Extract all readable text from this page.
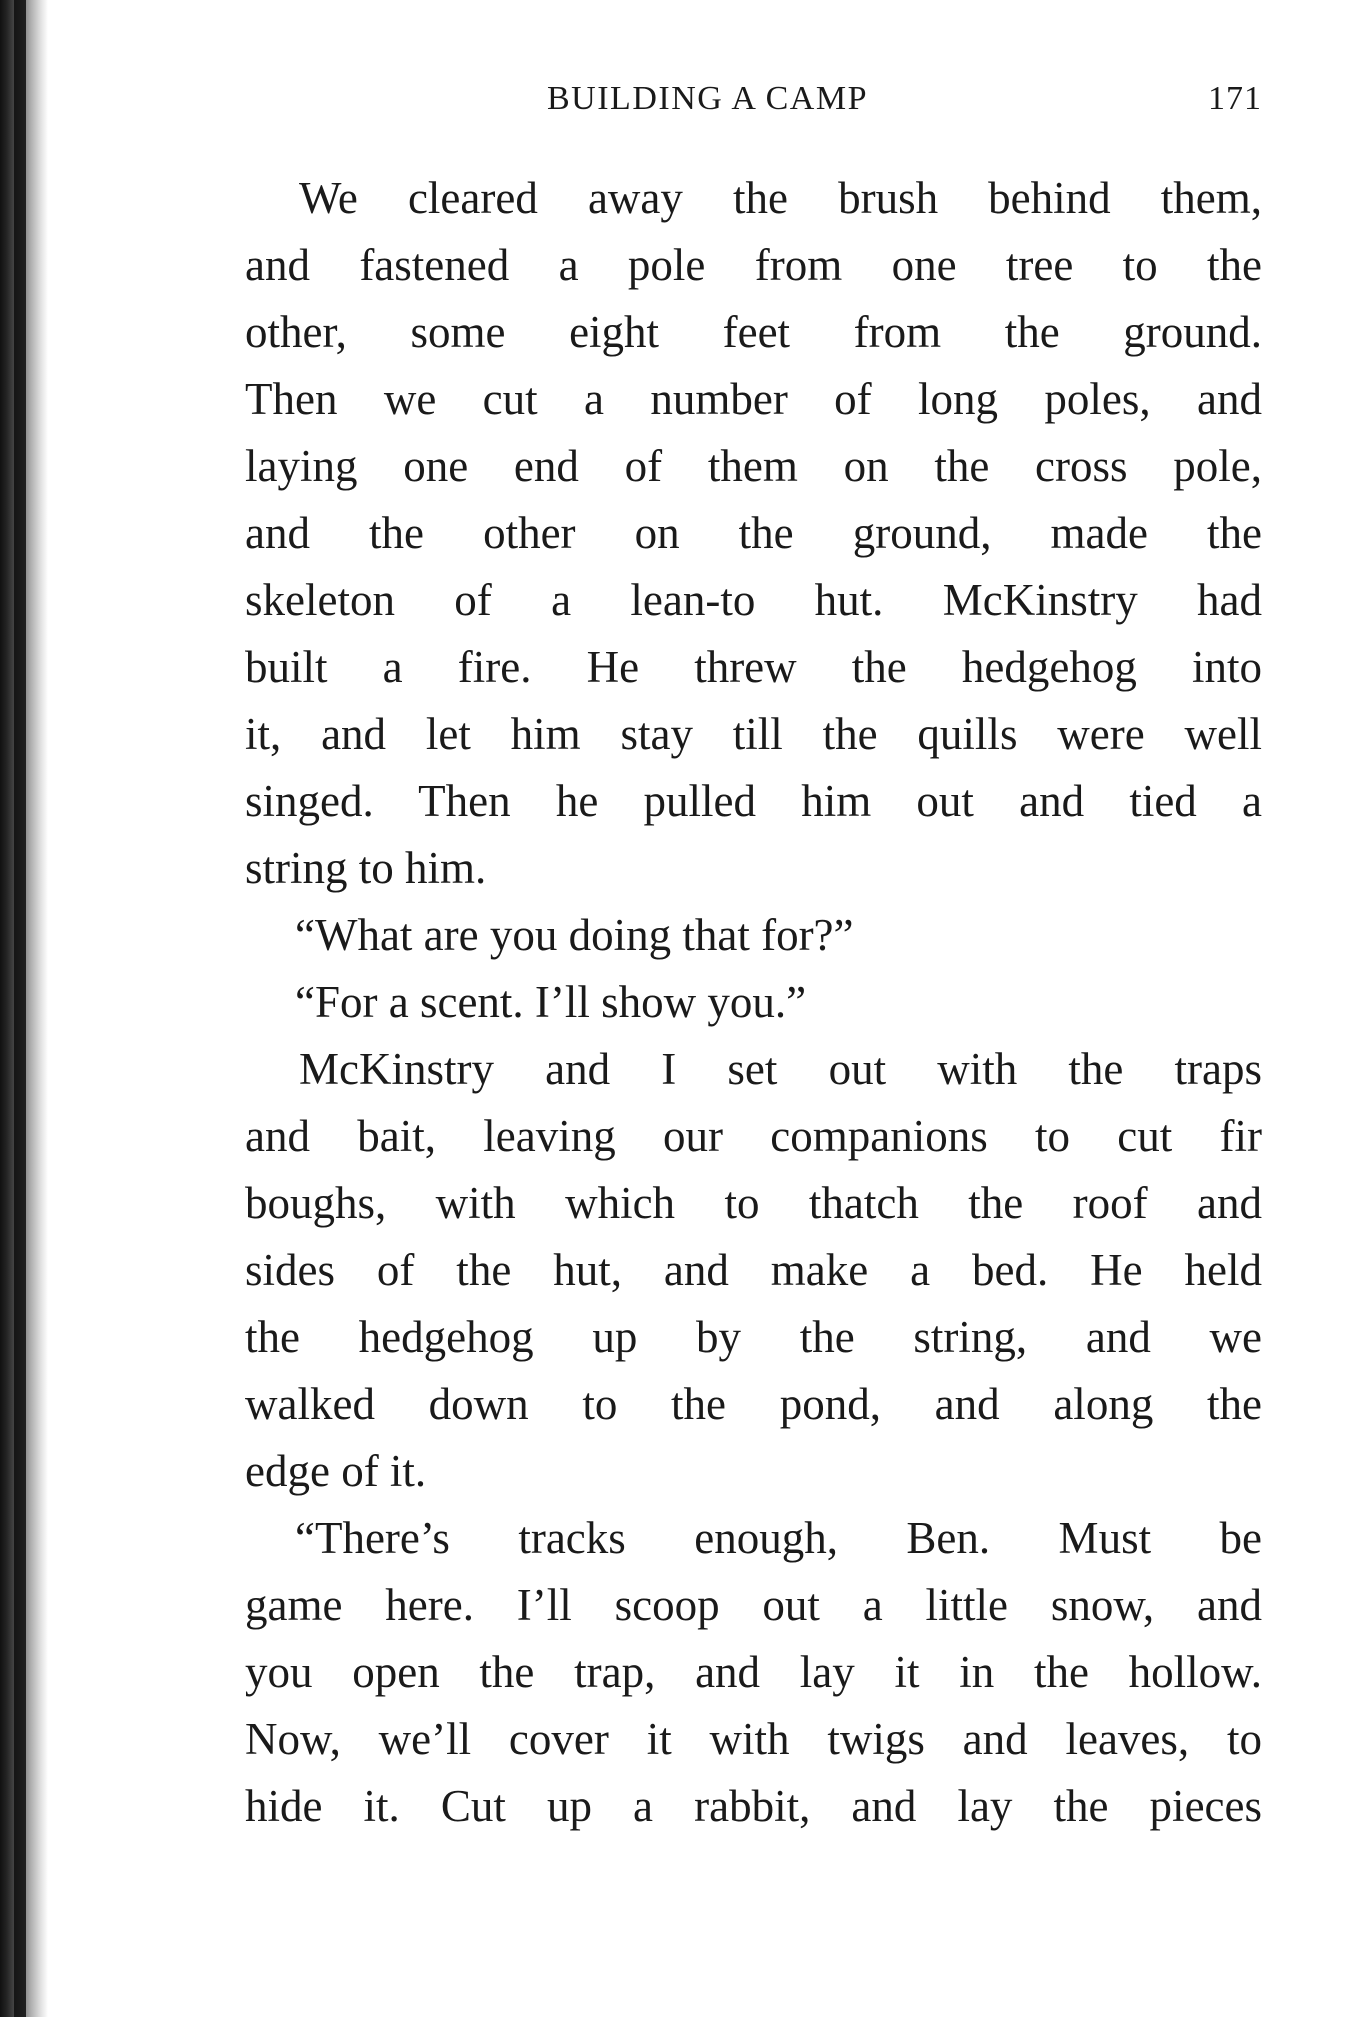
BUILDING A CAMP	171
We cleared away the brush behind them,
and fastened a pole from one tree to the
other, some eight feet from the ground.
Then we cut a number of long poles, and
laying one end of them on the cross pole,
and the other on the ground, made the
skeleton of a lean-to hut. McKinstry had
built a fire. He threw the hedgehog into
it, and let him stay till the quills were well
singed. Then he pulled him out and tied a
string to him.
“What are you doing that for?”
“For a scent. I’ll show you.”
McKinstry and I set out with the traps
and bait, leaving our companions to cut fir
boughs, with which to thatch the roof and
sides of the hut, and make a bed. He held
the hedgehog up by the string, and we
walked down to the pond, and along the
edge of it.
“There’s tracks enough, Ben. Must be
game here. I’ll scoop out a little snow, and
you open the trap, and lay it in the hollow.
Now, we’ll cover it with twigs and leaves, to
hide it. Cut up a rabbit, and lay the pieces
